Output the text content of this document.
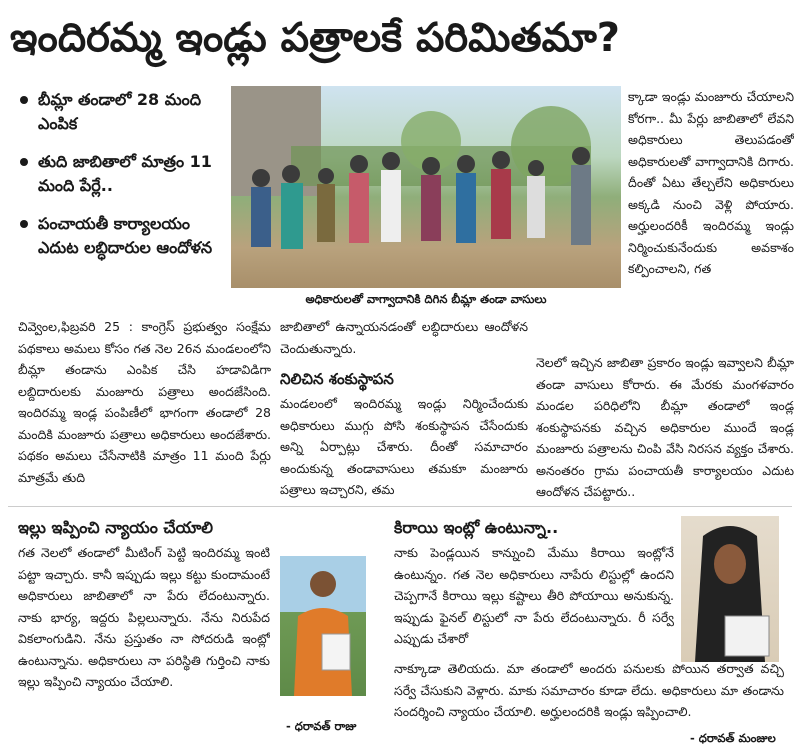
ఇందిరమ్మ ఇండ్లు పత్రాలకే పరిమితమా?
బీమ్లా తండాలో 28 మంది ఎంపిక
తుది జాబితాలో మాత్రం 11 మంది పేర్లే..
పంచాయతీ కార్యాలయం ఎదుట లబ్ధిదారుల ఆందోళన
అధికారులతో వాగ్వాదానికి దిగిన బీమ్లా తండా వాసులు
క్కాడా ఇండ్లు మంజూరు చేయాలని కోరగా.. మీ పేర్లు జాబితాలో లేవని అధికారులు తెలుపడంతో అధికారులతో వాగ్వాదానికి దిగారు. దీంతో ఏటు తేల్చలేని అధికారులు అక్కడి నుంచి వెళ్లి పోయారు. అర్హులందరికీ ఇందిరమ్మ ఇండ్లు నిర్మించుకునేందుకు అవకాశం కల్పించాలని, గత
చివ్వెంల,ఫిబ్రవరి 25 : కాంగ్రెస్ ప్రభుత్వం సంక్షేమ పథకాలు అమలు కోసం గత నెల 26న మండలంలోని బీమ్లా తండాను ఎంపిక చేసి హడావిడిగా లబ్దిదారులకు మంజూరు పత్రాలు అందజేసింది. ఇందిరమ్మ ఇండ్ల పంపిణీలో భాగంగా తండాలో 28 మందికి మంజూరు పత్రాలు అధికారులు అందజేశారు. పథకం అమలు చేసేనాటికి మాత్రం 11 మంది పేర్లు మాత్రమే తుది
జాబితాలో ఉన్నాయనడంతో లబ్ధిదారులు ఆందోళన చెందుతున్నారు.
నిలిచిన శంకుస్థాపన
మండలంలో ఇందిరమ్మ ఇండ్లు నిర్మించేందుకు అధికారులు ముగ్గు పోసి శంకుస్థాపన చేసేందుకు అన్ని ఏర్పాట్లు చేశారు. దీంతో సమాచారం అందుకున్న తండావాసులు తమకూ మంజూరు పత్రాలు ఇచ్చారని, తమ
నెలలో ఇచ్చిన జాబితా ప్రకారం ఇండ్లు ఇవ్వాలని బీమ్లా తండా వాసులు కోరారు. ఈ మేరకు మంగళవారం మండల పరిధిలోని బీమ్లా తండాలో ఇండ్ల శంకుస్థాపనకు వచ్చిన అధికారుల ముందే ఇండ్ల మంజూరు పత్రాలను చింపి వేసి నిరసన వ్యక్తం చేశారు. అనంతరం గ్రామ పంచాయతీ కార్యాలయం ఎదుట ఆందోళన చేపట్టారు..
ఇల్లు ఇప్పించి న్యాయం చేయాలి
గత నెలలో తండాలో మీటింగ్ పెట్టి ఇందిరమ్మ ఇంటి పట్టా ఇచ్చారు. కానీ ఇప్పుడు ఇల్లు కట్టు కుందామంటే అధికారులు జాబితాలో నా పేరు లేదంటున్నారు. నాకు భార్య, ఇద్దరు పిల్లలున్నారు. నేను నిరుపేద వికలాంగుడిని. నేను ప్రస్తుతం నా సోదరుడి ఇంట్లో ఉంటున్నాను. అధికారులు నా పరిస్థితి గుర్తించి నాకు ఇల్లు ఇప్పించి న్యాయం చేయాలి.
- ధరావత్ రాజు
కిరాయి ఇంట్లో ఉంటున్నా..
నాకు పెండ్లయిన కాన్నుంచి మేము కిరాయి ఇంట్లోనే ఉంటున్నం. గత నెల అధికారులు నాపేరు లిస్టుల్లో ఉందని చెప్పగానే కిరాయి ఇల్లు కష్టాలు తీరి పోయాయి అనుకున్న. ఇప్పుడు ఫైనల్ లిస్టులో నా పేరు లేదంటున్నారు. రీ సర్వే ఎప్పుడు చేశారో
నాక్కూడా తెలియదు. మా తండాలో అందరు పనులకు పోయిన తర్వాత వచ్చి సర్వే చేసుకుని వెళ్లారు. మాకు సమాచారం కూడా లేదు. అధికారులు మా తండాను సందర్శించి న్యాయం చేయాలి. అర్హులందరికి ఇండ్లు ఇప్పించాలి.
- ధరావత్ మంజుల
